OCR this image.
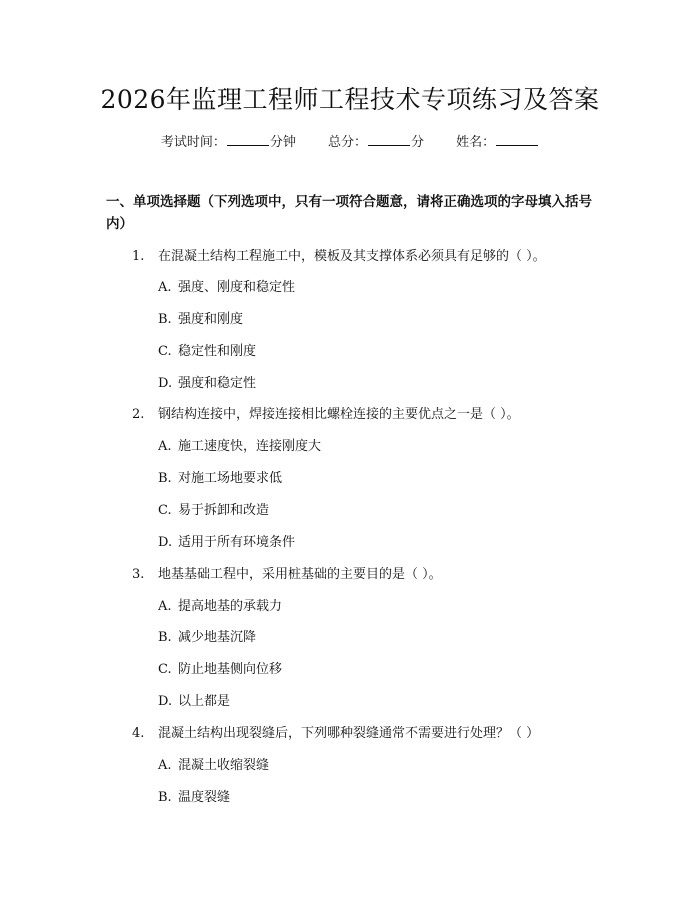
2026年监理工程师工程技术专项练习及答案
考试时间：	分钟 总分：	分 姓名：
一、单项选择题（下列选项中，只有一项符合题意，请将正确选项的字母填入括号内）
1. 在混凝土结构工程施工中，模板及其支撑体系必须具有足够的（ ）。
A. 强度、刚度和稳定性
B. 强度和刚度
C. 稳定性和刚度
D. 强度和稳定性
2. 钢结构连接中，焊接连接相比螺栓连接的主要优点之一是（ ）。
A. 施工速度快，连接刚度大
B. 对施工场地要求低
C. 易于拆卸和改造
D. 适用于所有环境条件
3. 地基基础工程中，采用桩基础的主要目的是（ ）。
A. 提高地基的承载力
B. 减少地基沉降
C. 防止地基侧向位移
D. 以上都是
4. 混凝土结构出现裂缝后，下列哪种裂缝通常不需要进行处理？（ ）
A. 混凝土收缩裂缝
B. 温度裂缝
